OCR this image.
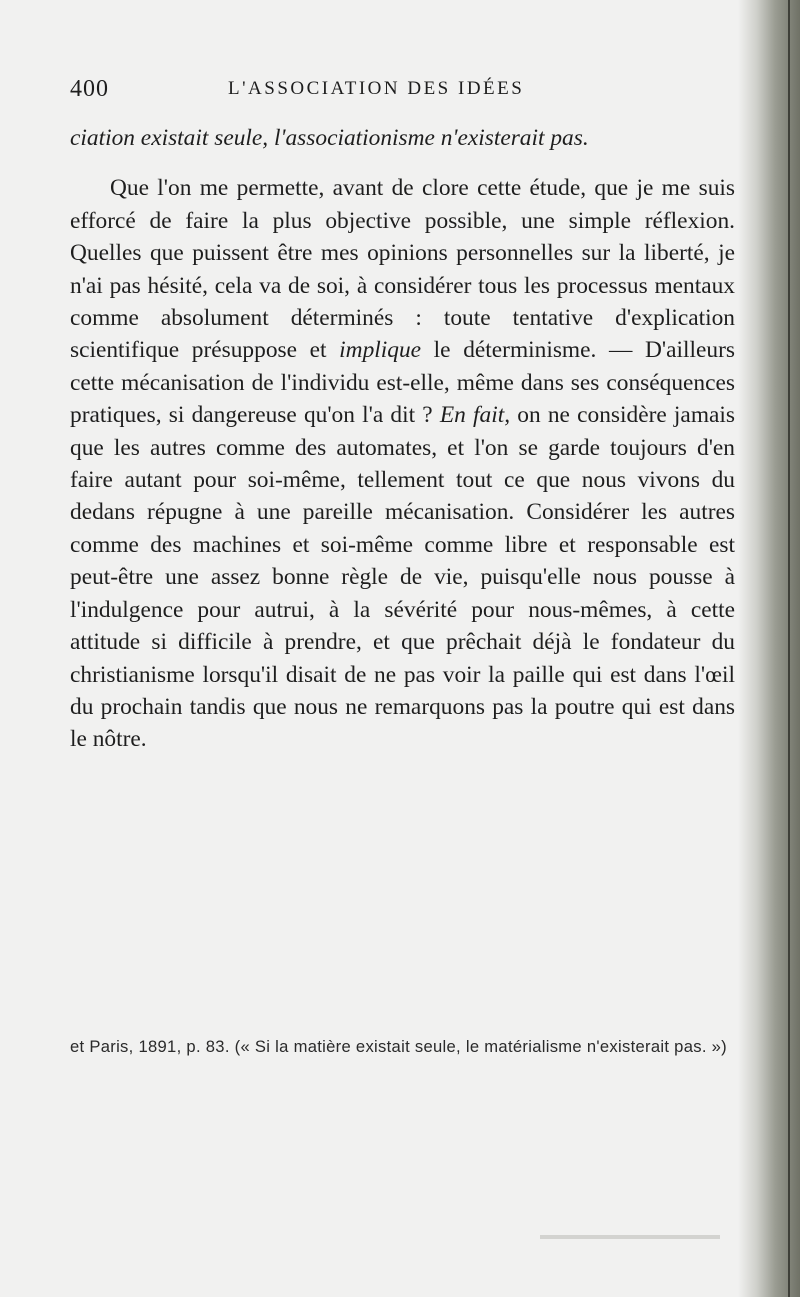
400	L'ASSOCIATION DES IDÉES

ciation existait seule, l'associationisme n'existerait pas.

Que l'on me permette, avant de clore cette étude, que je me suis efforcé de faire la plus objective possible, une simple réflexion. Quelles que puissent être mes opinions personnelles sur la liberté, je n'ai pas hésité, cela va de soi, à considérer tous les processus mentaux comme absolument déterminés : toute tentative d'explication scientifique présuppose et implique le déterminisme. — D'ailleurs cette mécanisation de l'individu est-elle, même dans ses conséquences pratiques, si dangereuse qu'on l'a dit ? En fait, on ne considère jamais que les autres comme des automates, et l'on se garde toujours d'en faire autant pour soi-même, tellement tout ce que nous vivons du dedans répugne à une pareille mécanisation. Considérer les autres comme des machines et soi-même comme libre et responsable est peut-être une assez bonne règle de vie, puisqu'elle nous pousse à l'indulgence pour autrui, à la sévérité pour nous-mêmes, à cette attitude si difficile à prendre, et que prêchait déjà le fondateur du christianisme lorsqu'il disait de ne pas voir la paille qui est dans l'œil du prochain tandis que nous ne remarquons pas la poutre qui est dans le nôtre.

et Paris, 1891, p. 83. (« Si la matière existait seule, le matérialisme n'existerait pas. »)
